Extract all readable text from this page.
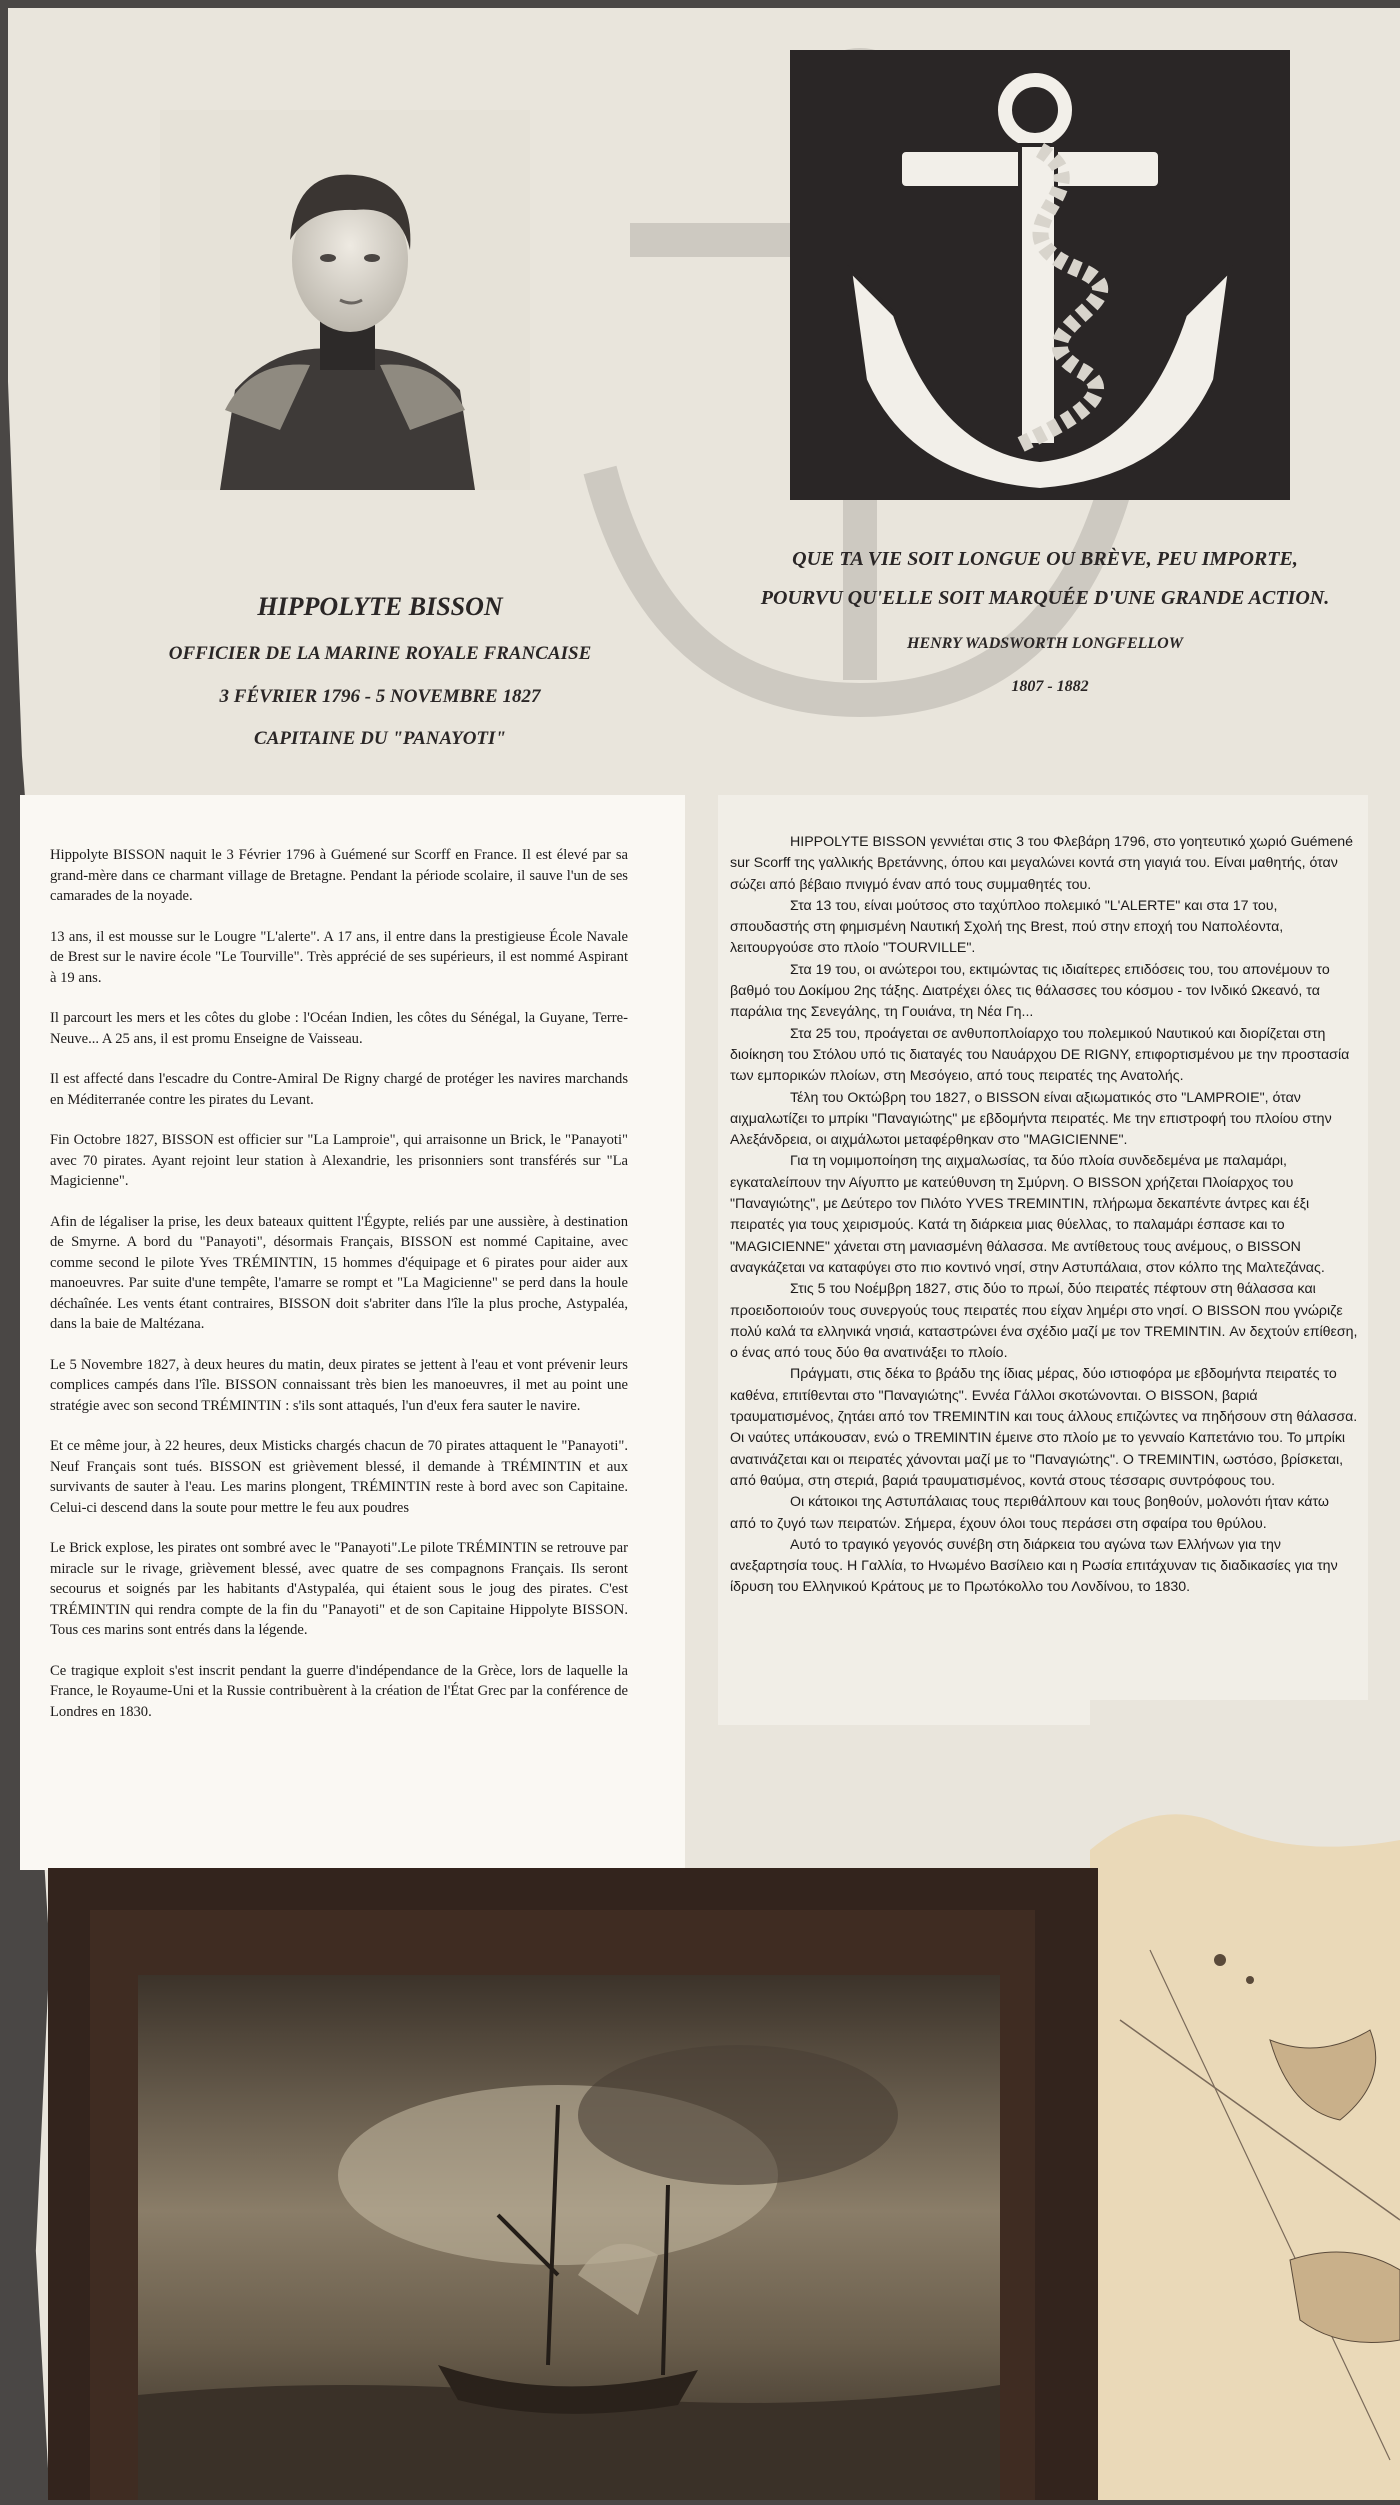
HIPPOLYTE BISSON
OFFICIER DE LA MARINE ROYALE FRANCAISE
3 FÉVRIER 1796 - 5 NOVEMBRE 1827
CAPITAINE DU "PANAYOTI"
QUE TA VIE SOIT LONGUE OU BRÈVE, PEU IMPORTE,
POURVU QU'ELLE SOIT MARQUÉE D'UNE GRANDE ACTION.
HENRY WADSWORTH LONGFELLOW
1807 - 1882

Hippolyte BISSON naquit le 3 Février 1796 à Guémené sur Scorff en France. Il est élevé par sa grand-mère dans ce charmant village de Bretagne. Pendant la période scolaire, il sauve l'un de ses camarades de la noyade.

13 ans, il est mousse sur le Lougre "L'alerte". A 17 ans, il entre dans la prestigieuse École Navale de Brest sur le navire école "Le Tourville". Très apprécié de ses supérieurs, il est nommé Aspirant à 19 ans.

Il parcourt les mers et les côtes du globe : l'Océan Indien, les côtes du Sénégal, la Guyane, Terre-Neuve... A 25 ans, il est promu Enseigne de Vaisseau.

Il est affecté dans l'escadre du Contre-Amiral De Rigny chargé de protéger les navires marchands en Méditerranée contre les pirates du Levant.

Fin Octobre 1827, BISSON est officier sur "La Lamproie", qui arraisonne un Brick, le "Panayoti" avec 70 pirates. Ayant rejoint leur station à Alexandrie, les prisonniers sont transférés sur "La Magicienne".

Afin de légaliser la prise, les deux bateaux quittent l'Égypte, reliés par une aussière, à destination de Smyrne. A bord du "Panayoti", désormais Français, BISSON est nommé Capitaine, avec comme second le pilote Yves TRÉMINTIN, 15 hommes d'équipage et 6 pirates pour aider aux manoeuvres. Par suite d'une tempête, l'amarre se rompt et "La Magicienne" se perd dans la houle déchaînée. Les vents étant contraires, BISSON doit s'abriter dans l'île la plus proche, Astypaléa, dans la baie de Maltézana.

Le 5 Novembre 1827, à deux heures du matin, deux pirates se jettent à l'eau et vont prévenir leurs complices campés dans l'île. BISSON connaissant très bien les manoeuvres, il met au point une stratégie avec son second TRÉMINTIN : s'ils sont attaqués, l'un d'eux fera sauter le navire.

Et ce même jour, à 22 heures, deux Misticks chargés chacun de 70 pirates attaquent le "Panayoti". Neuf Français sont tués. BISSON est grièvement blessé, il demande à TRÉMINTIN et aux survivants de sauter à l'eau. Les marins plongent, TRÉMINTIN reste à bord avec son Capitaine. Celui-ci descend dans la soute pour mettre le feu aux poudres

Le Brick explose, les pirates ont sombré avec le "Panayoti".Le pilote TRÉMINTIN se retrouve par miracle sur le rivage, grièvement blessé, avec quatre de ses compagnons Français. Ils seront secourus et soignés par les habitants d'Astypaléa, qui étaient sous le joug des pirates. C'est TRÉMINTIN qui rendra compte de la fin du "Panayoti" et de son Capitaine Hippolyte BISSON. Tous ces marins sont entrés dans la légende.

Ce tragique exploit s'est inscrit pendant la guerre d'indépendance de la Grèce, lors de laquelle la France, le Royaume-Uni et la Russie contribuèrent à la création de l'État Grec par la conférence de Londres en 1830.

HIPPOLYTE BISSON γεννιέται στις 3 του Φλεβάρη 1796, στο γοητευτικό χωριό Guémené sur Scorff της γαλλικής Βρετάννης, όπου και μεγαλώνει κοντά στη γιαγιά του. Είναι μαθητής, όταν σώζει από βέβαιο πνιγμό έναν από τους συμμαθητές του.

Στα 13 του, είναι μούτσος στο ταχύπλοο πολεμικό "L'ALERTE" και στα 17 του, σπουδαστής στη φημισμένη Ναυτική Σχολή της Brest, πού στην εποχή του Ναπολέοντα, λειτουργούσε στο πλοίο "TOURVILLE".

Στα 19 του, οι ανώτεροι του, εκτιμώντας τις ιδιαίτερες επιδόσεις του, του απονέμουν το βαθμό του Δοκίμου 2ης τάξης. Διατρέχει όλες τις θάλασσες του κόσμου - τον Ινδικό Ωκεανό, τα παράλια της Σενεγάλης, τη Γουιάνα, τη Νέα Γη...

Στα 25 του, προάγεται σε ανθυποπλοίαρχο του πολεμικού Ναυτικού και διορίζεται στη διοίκηση του Στόλου υπό τις διαταγές του Ναυάρχου DE RIGNY, επιφορτισμένου με την προστασία των εμπορικών πλοίων, στη Μεσόγειο, από τους πειρατές της Ανατολής.

Τέλη του Οκτώβρη του 1827, ο BISSON είναι αξιωματικός στο "LAMPROIE", όταν αιχμαλωτίζει το μπρίκι "Παναγιώτης" με εβδομήντα πειρατές. Με την επιστροφή του πλοίου στην Αλεξάνδρεια, οι αιχμάλωτοι μεταφέρθηκαν στο "MAGICIENNE".

Για τη νομιμοποίηση της αιχμαλωσίας, τα δύο πλοία συνδεδεμένα με παλαμάρι, εγκαταλείπουν την Αίγυπτο με κατεύθυνση τη Σμύρνη. Ο BISSON χρήζεται Πλοίαρχος του "Παναγιώτης", με Δεύτερο τον Πιλότο YVES TREMINTIN, πλήρωμα δεκαπέντε άντρες και έξι πειρατές για τους χειρισμούς. Κατά τη διάρκεια μιας θύελλας, το παλαμάρι έσπασε και το "MAGICIENNE" χάνεται στη μανιασμένη θάλασσα. Με αντίθετους τους ανέμους, ο BISSON αναγκάζεται να καταφύγει στο πιο κοντινό νησί, στην Αστυπάλαια, στον κόλπο της Μαλτεζάνας.

Στις 5 του Νοέμβρη 1827, στις δύο το πρωί, δύο πειρατές πέφτουν στη θάλασσα και προειδοποιούν τους συνεργούς τους πειρατές που είχαν λημέρι στο νησί. Ο BISSON που γνώριζε πολύ καλά τα ελληνικά νησιά, καταστρώνει ένα σχέδιο μαζί με τον TREMINTIN. Αν δεχτούν επίθεση, ο ένας από τους δύο θα ανατινάξει το πλοίο.

Πράγματι, στις δέκα το βράδυ της ίδιας μέρας, δύο ιστιοφόρα με εβδομήντα πειρατές το καθένα, επιτίθενται στο "Παναγιώτης". Εννέα Γάλλοι σκοτώνονται. Ο BISSON, βαριά τραυματισμένος, ζητάει από τον TREMINTIN και τους άλλους επιζώντες να πηδήσουν στη θάλασσα. Οι ναύτες υπάκουσαν, ενώ ο TREMINTIN έμεινε στο πλοίο με το γενναίο Καπετάνιο του. Το μπρίκι ανατινάζεται και οι πειρατές χάνονται μαζί με το "Παναγιώτης". Ο TREMINTIN, ωστόσο, βρίσκεται, από θαύμα, στη στεριά, βαριά τραυματισμένος, κοντά στους τέσσαρις συντρόφους του.

Οι κάτοικοι της Αστυπάλαιας τους περιθάλπουν και τους βοηθούν, μολονότι ήταν κάτω από το ζυγό των πειρατών. Σήμερα, έχουν όλοι τους περάσει στη σφαίρα του θρύλου.

Αυτό το τραγικό γεγονός συνέβη στη διάρκεια του αγώνα των Ελλήνων για την ανεξαρτησία τους. Η Γαλλία, το Ηνωμένο Βασίλειο και η Ρωσία επιτάχυναν τις διαδικασίες για την ίδρυση του Ελληνικού Κράτους με το Πρωτόκολλο του Λονδίνου, το 1830.
